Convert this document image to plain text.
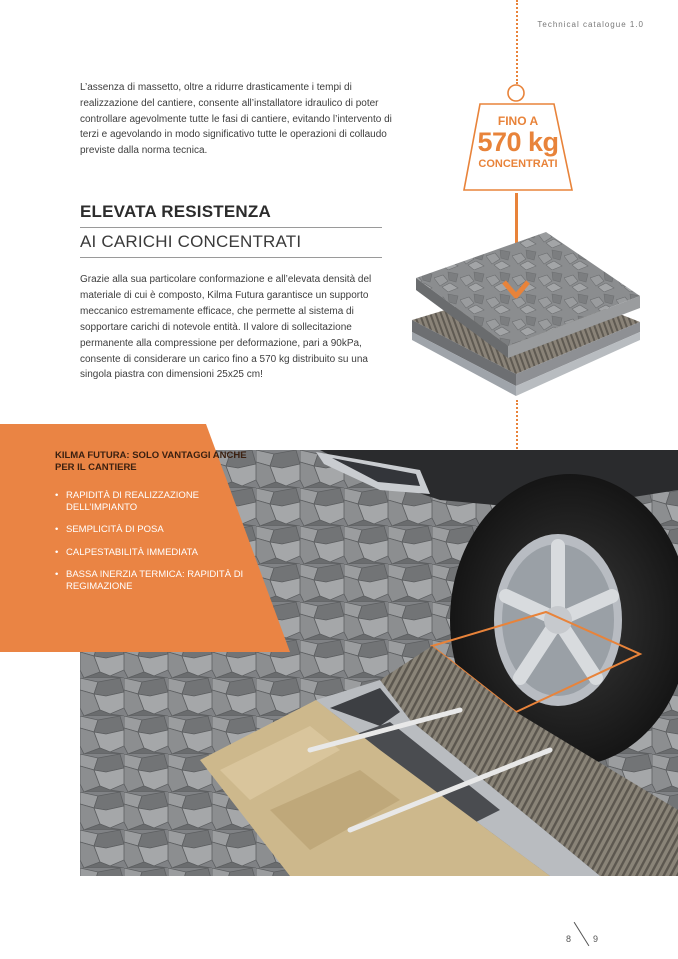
Technical catalogue 1.0

L’assenza di massetto, oltre a ridurre drasticamente i tempi di realizzazione del cantiere, consente all’installatore idraulico di poter controllare agevolmente tutte le fasi di cantiere, evitando l’intervento di terzi e agevolando in modo significativo tutte le operazioni di collaudo previste dalla norma tecnica.

FINO A
570 kg
CONCENTRATI
ELEVATA RESISTENZA
AI CARICHI CONCENTRATI

Grazie alla sua particolare conformazione e all’elevata densità del materiale di cui è composto, Kilma Futura garantisce un supporto meccanico estremamente efficace, che permette al sistema di sopportare carichi di notevole entità. Il valore di sollecitazione permanente alla compressione per deformazione, pari a 90kPa, consente di considerare un carico fino a 570 kg distribuito su una singola piastra con dimensioni 25x25 cm!

KILMA FUTURA: SOLO VANTAGGI ANCHE PER IL CANTIERE
• RAPIDITÀ DI REALIZZAZIONE DELL’IMPIANTO
• SEMPLICITÀ DI POSA
• CALPESTABILITÀ IMMEDIATA
• BASSA INERZIA TERMICA: RAPIDITÀ DI REGIMAZIONE
8 9
